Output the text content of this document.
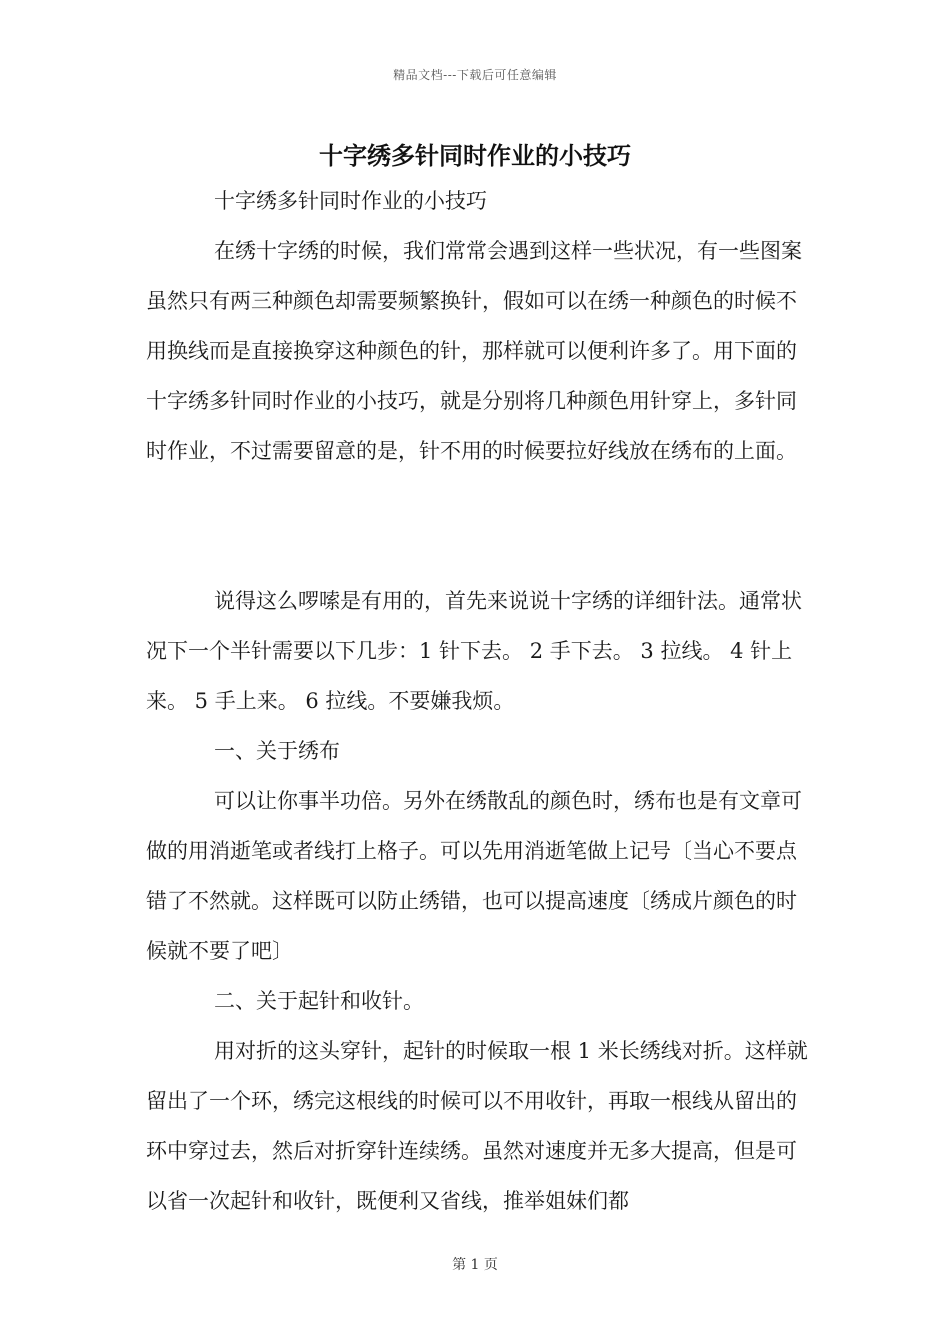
精品文档---下载后可任意编辑
十字绣多针同时作业的小技巧

十字绣多针同时作业的小技巧

在绣十字绣的时候，我们常常会遇到这样一些状况，有一些图案虽然只有两三种颜色却需要频繁换针，假如可以在绣一种颜色的时候不用换线而是直接换穿这种颜色的针，那样就可以便利许多了。用下面的十字绣多针同时作业的小技巧，就是分别将几种颜色用针穿上，多针同时作业，不过需要留意的是，针不用的时候要拉好线放在绣布的上面。

说得这么啰嗦是有用的，首先来说说十字绣的详细针法。通常状况下一个半针需要以下几步：1 针下去。 2 手下去。 3 拉线。 4 针上来。 5 手上来。 6 拉线。不要嫌我烦。

一、关于绣布

可以让你事半功倍。另外在绣散乱的颜色时，绣布也是有文章可做的用消逝笔或者线打上格子。可以先用消逝笔做上记号〔当心不要点错了不然就。这样既可以防止绣错，也可以提高速度〔绣成片颜色的时候就不要了吧〕

二、关于起针和收针。

用对折的这头穿针，起针的时候取一根 1 米长绣线对折。这样就留出了一个环，绣完这根线的时候可以不用收针，再取一根线从留出的环中穿过去，然后对折穿针连续绣。虽然对速度并无多大提高，但是可以省一次起针和收针，既便利又省线，推举姐妹们都

第 1 页
